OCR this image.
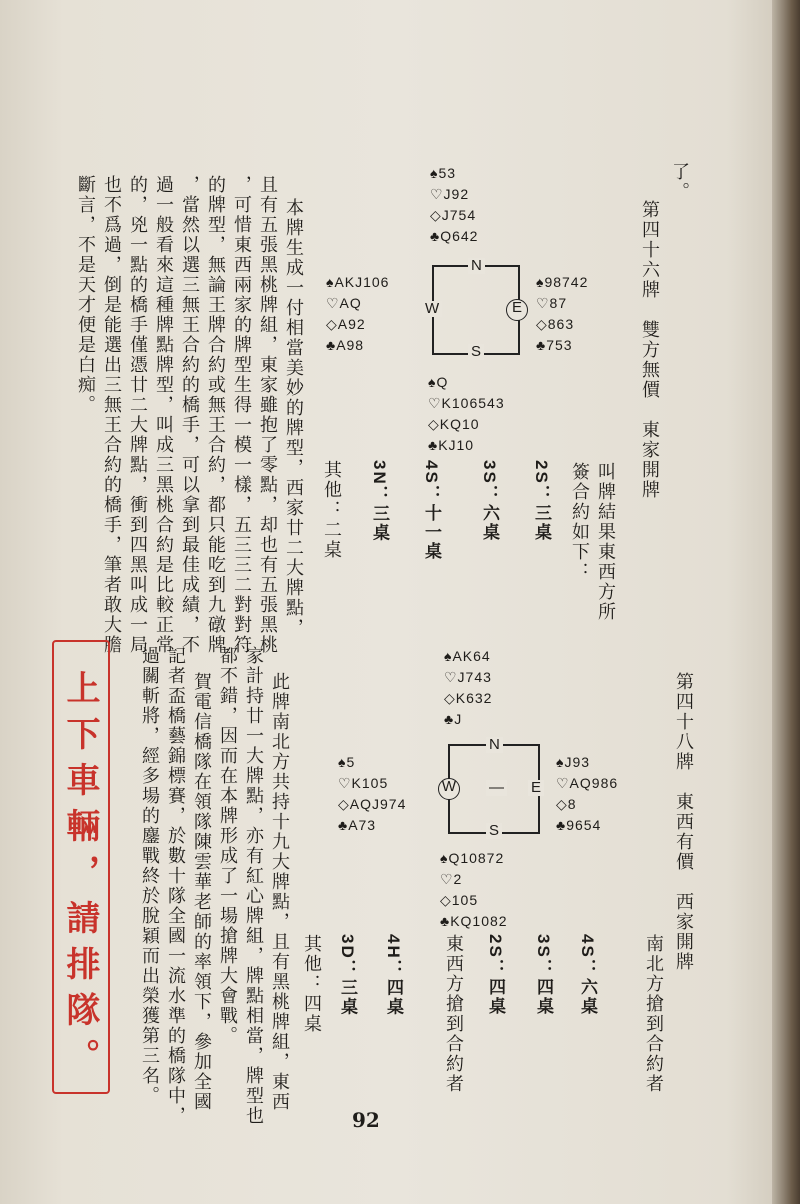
了。
第四十六牌　雙方無價　東家開牌
♠53
♡J92
◇J754
♣Q642
♠AKJ106
♡AQ
◇A92
♣A98
♠98742
♡87
◇863
♣753
♠Q
♡K106543
◇KQ10
♣KJ10
N
S
W	E
叫牌結果東西方所
簽合約如下：
2S：三桌
3S：六桌
4S：十一桌
3N：三桌
其他：二桌
本牌生成一付相當美妙的牌型，西家廿二大牌點，
且有五張黑桃牌組，東家雖抱了零點，却也有五張黑桃
，可惜東西兩家的牌型生得一模一樣，五三三二對對符
的牌型，無論王牌合約或無王合約，都只能吃到九礅牌
，當然以選三無王合約的橋手，可以拿到最佳成績，不
過一般看來這種牌點牌型，叫成三黑桃合約是比較正常
的，兇一點的橋手僅憑廿二大牌點，衝到四黑叫成一局
也不爲過，倒是能選出三無王合約的橋手，筆者敢大膽
斷言，不是天才便是白痴。
第四十八牌　東西有價　西家開牌
♠AK64
♡J743
◇K632
♣J
♠5
♡K105
◇AQJ974
♣A73
♠J93
♡AQ986
◇8
♣9654
♠Q10872
♡2
◇105
♣KQ1082
N
S
W — E
南北方搶到合約者
4S：六桌
3S：四桌
2S：四桌
東西方搶到合約者
4H：四桌
3D：三桌
其他：四桌
此牌南北方共持十九大牌點，且有黑桃牌組，東西
家計持廿一大牌點，亦有紅心牌組，牌點相當，牌型也
都不錯，因而在本牌形成了一場搶牌大會戰。
賀電信橋隊在領隊陳雲華老師的率領下，參加全國
記者盃橋藝錦標賽，於數十隊全國一流水準的橋隊中，
過關斬將，經多場的鏖戰終於脫穎而出榮獲第三名。
上下車輛，請排隊。
92
